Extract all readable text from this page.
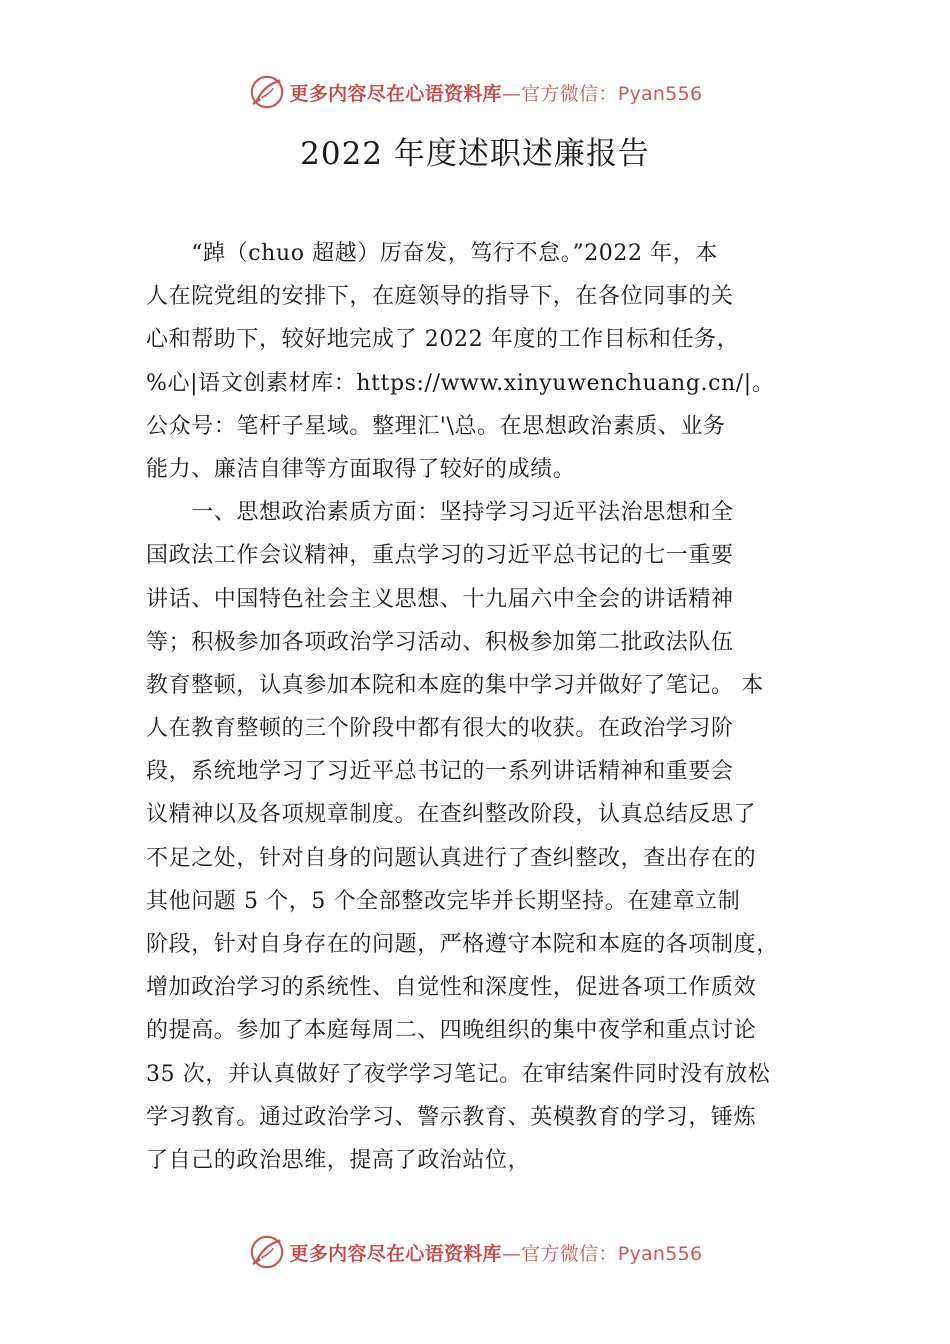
更多内容尽在心语资料库—官方微信：Pyan556
2022 年度述职述廉报告
　　“踔（chuo 超越）厉奋发，笃行不怠。”2022 年，本
人在院党组的安排下，在庭领导的指导下，在各位同事的关
心和帮助下，较好地完成了 2022 年度的工作目标和任务，
%心|语文创素材库：https://www.xinyuwenchuang.cn/|。
公众号：笔杆子星域。整理汇'\总。在思想政治素质、业务
能力、廉洁自律等方面取得了较好的成绩。
　　一、思想政治素质方面：坚持学习习近平法治思想和全
国政法工作会议精神，重点学习的习近平总书记的七一重要
讲话、中国特色社会主义思想、十九届六中全会的讲话精神
等；积极参加各项政治学习活动、积极参加第二批政法队伍
教育整顿，认真参加本院和本庭的集中学习并做好了笔记。 本
人在教育整顿的三个阶段中都有很大的收获。在政治学习阶
段，系统地学习了习近平总书记的一系列讲话精神和重要会
议精神以及各项规章制度。在查纠整改阶段，认真总结反思了
不足之处，针对自身的问题认真进行了查纠整改，查出存在的
其他问题 5 个，5 个全部整改完毕并长期坚持。在建章立制
阶段，针对自身存在的问题，严格遵守本院和本庭的各项制度，
增加政治学习的系统性、自觉性和深度性，促进各项工作质效
的提高。参加了本庭每周二、四晚组织的集中夜学和重点讨论
35 次，并认真做好了夜学学习笔记。在审结案件同时没有放松
学习教育。通过政治学习、警示教育、英模教育的学习，锤炼
了自己的政治思维，提高了政治站位，
更多内容尽在心语资料库—官方微信：Pyan556
